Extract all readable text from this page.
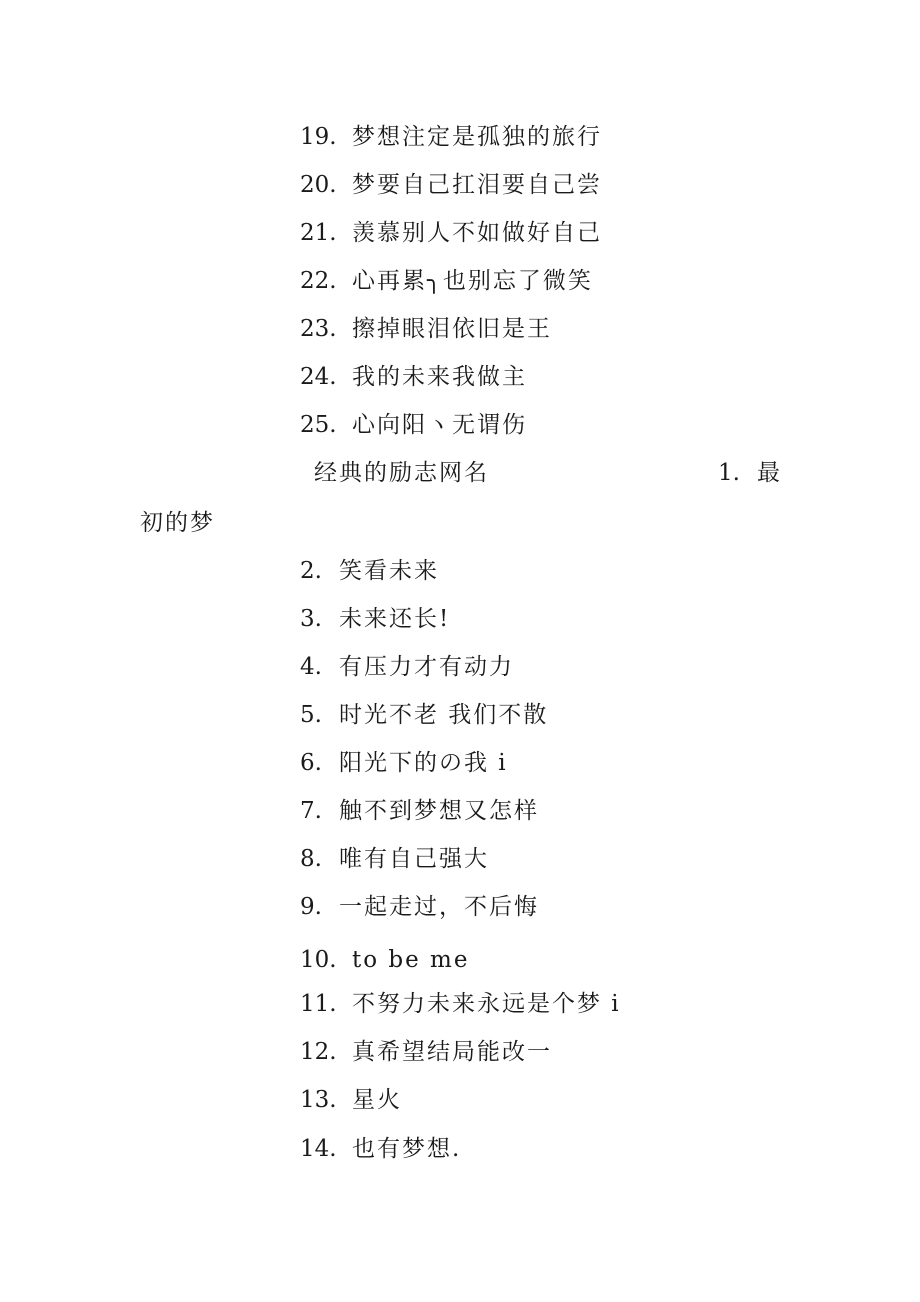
19. 梦想注定是孤独的旅行
20. 梦要自己扛泪要自己尝
21. 羡慕别人不如做好自己
22. 心再累╮也别忘了微笑
23. 擦掉眼泪依旧是王
24. 我的未来我做主
25. 心向阳ヽ无谓伤
经典的励志网名	1. 最
初的梦
2. 笑看未来
3. 未来还长!
4. 有压力才有动力
5. 时光不老 我们不散
6. 阳光下的の我 i
7. 触不到梦想又怎样
8. 唯有自己强大
9. 一起走过，不后悔
10. to be me
11. 不努力未来永远是个梦 i
12. 真希望结局能改一
13. 星火
14. 也有梦想.
